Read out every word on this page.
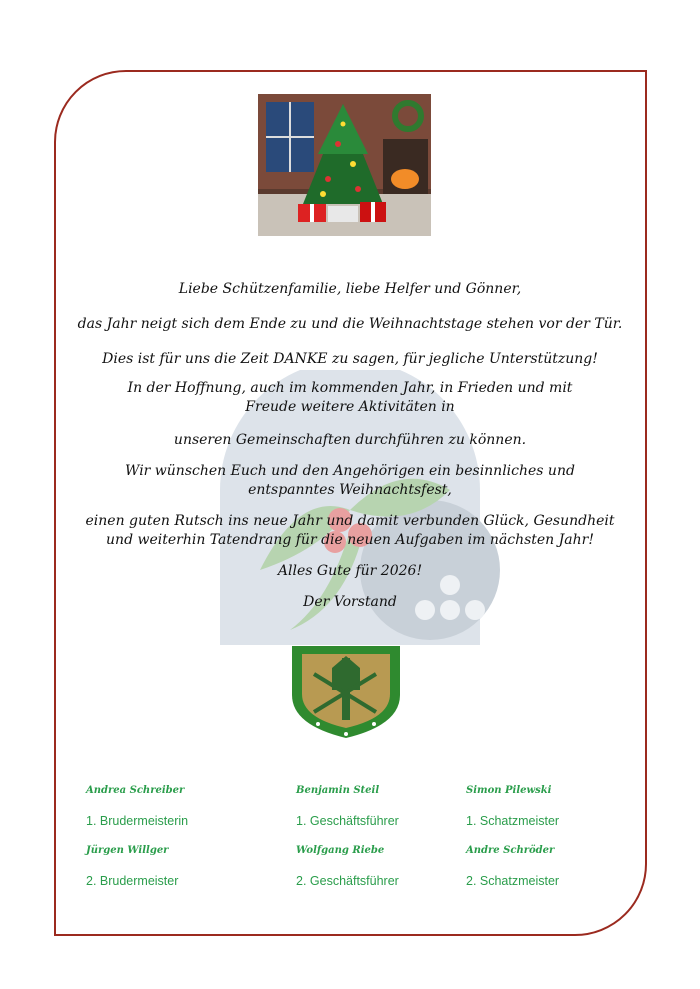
Liebe Schützenfamilie, liebe Helfer und Gönner,

das Jahr neigt sich dem Ende zu und die Weihnachtstage stehen vor der Tür.

Dies ist für uns die Zeit DANKE zu sagen, für jegliche Unterstützung!

In der Hoffnung, auch im kommenden Jahr, in Frieden und mit Freude weitere Aktivitäten in

unseren Gemeinschaften durchführen zu können.

Wir wünschen Euch und den Angehörigen ein besinnliches und entspanntes Weihnachtsfest,

einen guten Rutsch ins neue Jahr und damit verbunden Glück, Gesundheit und weiterhin Tatendrang für die neuen Aufgaben im nächsten Jahr!

Alles Gute für 2026!

Der Vorstand

Andrea Schreiber
1. Brudermeisterin
Benjamin Steil
1. Geschäftsführer
Simon Pilewski
1. Schatzmeister
Jürgen Willger
2. Brudermeister
Wolfgang Riebe
2. Geschäftsführer
Andre Schröder
2. Schatzmeister
